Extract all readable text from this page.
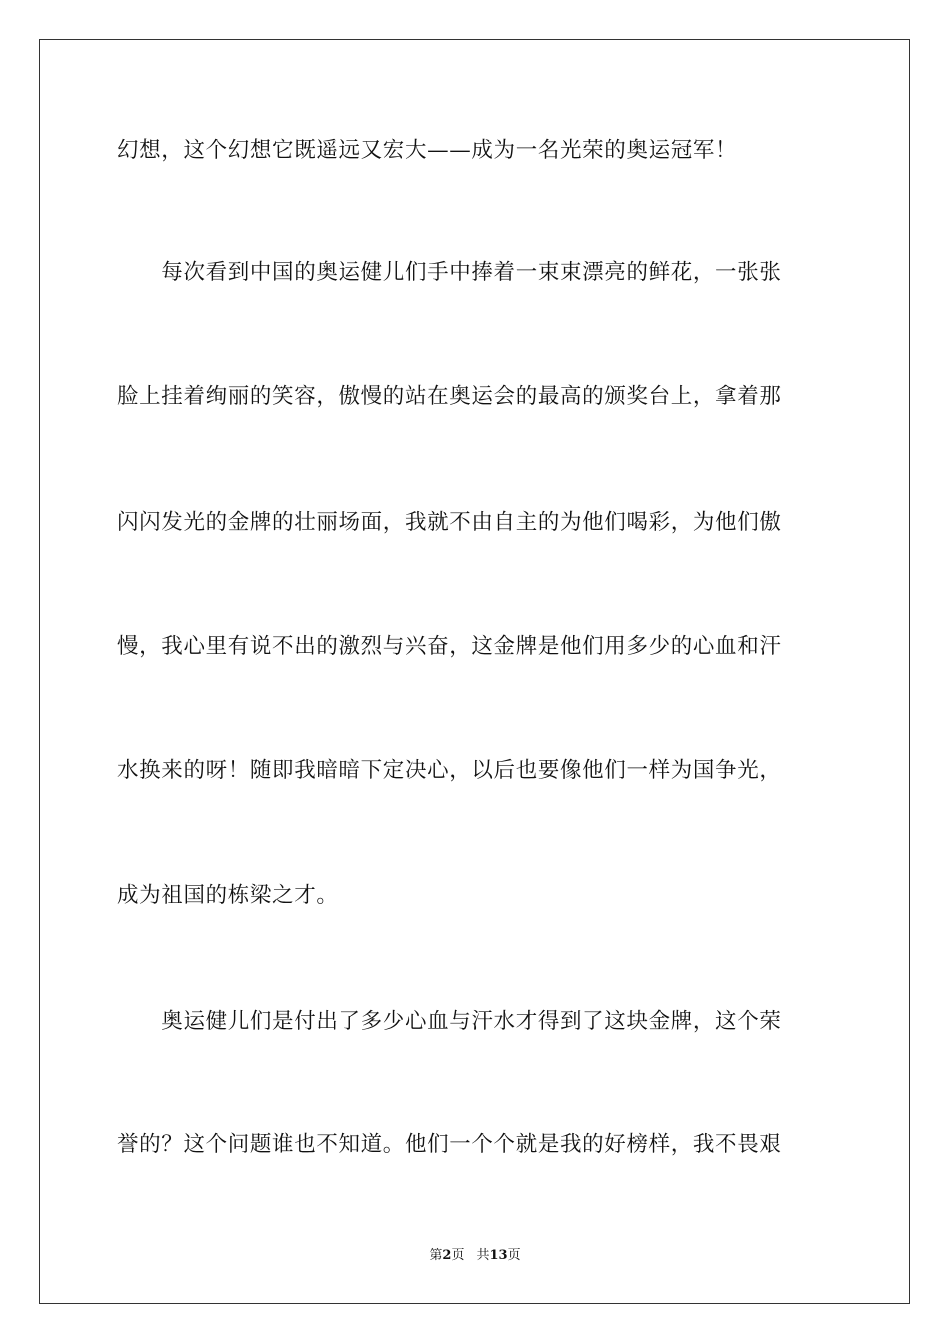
幻想，这个幻想它既遥远又宏大——成为一名光荣的奥运冠军！
　　每次看到中国的奥运健儿们手中捧着一束束漂亮的鲜花，一张张
脸上挂着绚丽的笑容，傲慢的站在奥运会的最高的颁奖台上，拿着那
闪闪发光的金牌的壮丽场面，我就不由自主的为他们喝彩，为他们傲
慢，我心里有说不出的激烈与兴奋，这金牌是他们用多少的心血和汗
水换来的呀！随即我暗暗下定决心，以后也要像他们一样为国争光，
成为祖国的栋梁之才。
　　奥运健儿们是付出了多少心血与汗水才得到了这块金牌，这个荣
誉的？这个问题谁也不知道。他们一个个就是我的好榜样，我不畏艰
第2页 共13页
